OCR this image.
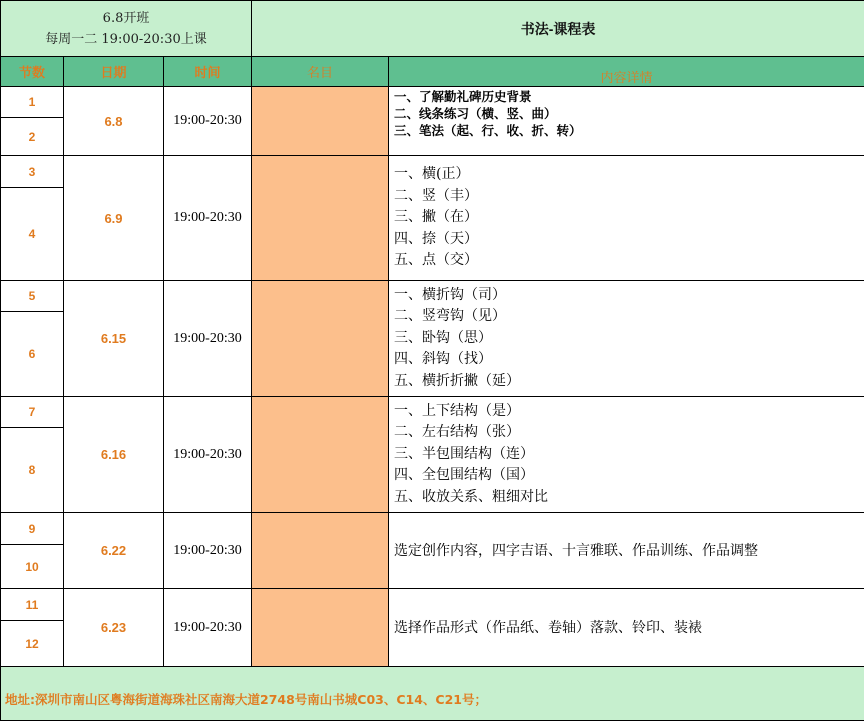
6.8开班
每周一二 19:00-20:30上课			书法-课程表	
节数	日期	时间	名目	内容详情
1	6.8	19:00-20:30		一、了解勤礼碑历史背景
二、线条练习（横、竖、曲）
三、笔法（起、行、收、折、转）

2				
3	6.9	19:00-20:30		一、横(正）
二、竖（丰）
三、撇（在）
四、捺（天）
五、点（交）

4				
5	6.15	19:00-20:30		一、横折钩（司）
二、竖弯钩（见）
三、卧钩（思）
四、斜钩（找）
五、横折折撇（延）

6				
7	6.16	19:00-20:30		一、上下结构（是）
二、左右结构（张）
三、半包围结构（连）
四、全包围结构（国）
五、收放关系、粗细对比

8				
9	6.22	19:00-20:30		选定创作内容，四字吉语、十言雅联、作品训练、作品调整

10				
11	6.23	19:00-20:30		选择作品形式（作品纸、卷轴）落款、铃印、装裱

12				
地址:深圳市南山区粤海街道海珠社区南海大道2748号南山书城C03、C14、C21号；				
